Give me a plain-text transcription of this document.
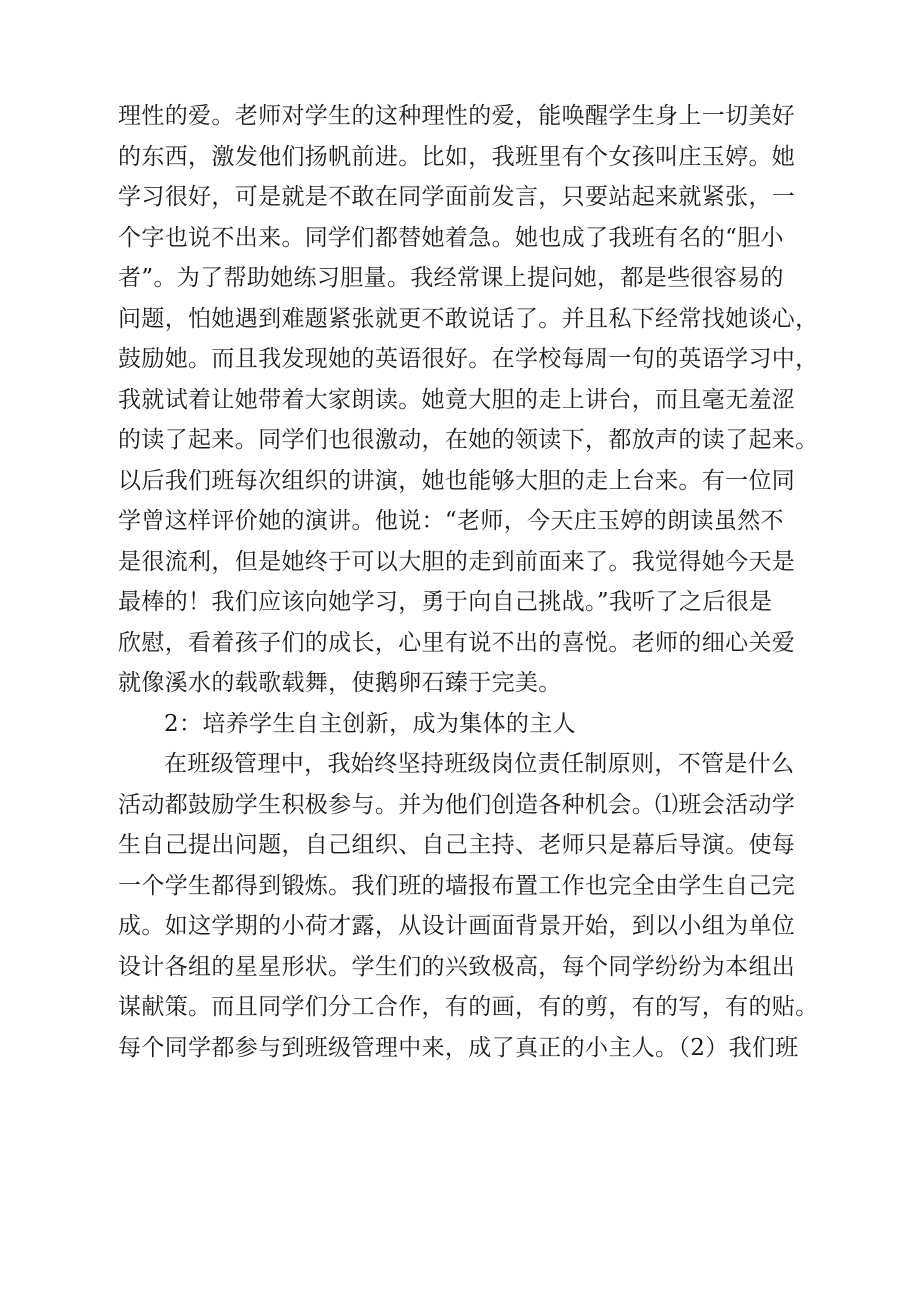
理性的爱。老师对学生的这种理性的爱，能唤醒学生身上一切美好
的东西，激发他们扬帆前进。比如，我班里有个女孩叫庄玉婷。她
学习很好，可是就是不敢在同学面前发言，只要站起来就紧张，一
个字也说不出来。同学们都替她着急。她也成了我班有名的“胆小
者”。为了帮助她练习胆量。我经常课上提问她，都是些很容易的
问题，怕她遇到难题紧张就更不敢说话了。并且私下经常找她谈心，
鼓励她。而且我发现她的英语很好。在学校每周一句的英语学习中，
我就试着让她带着大家朗读。她竟大胆的走上讲台，而且毫无羞涩
的读了起来。同学们也很激动，在她的领读下，都放声的读了起来。
以后我们班每次组织的讲演，她也能够大胆的走上台来。有一位同
学曾这样评价她的演讲。他说：“老师，今天庄玉婷的朗读虽然不
是很流利，但是她终于可以大胆的走到前面来了。我觉得她今天是
最棒的！我们应该向她学习，勇于向自己挑战。”我听了之后很是
欣慰，看着孩子们的成长，心里有说不出的喜悦。老师的细心关爱
就像溪水的载歌载舞，使鹅卵石臻于完美。
2：培养学生自主创新，成为集体的主人
在班级管理中，我始终坚持班级岗位责任制原则，不管是什么
活动都鼓励学生积极参与。并为他们创造各种机会。⑴班会活动学
生自己提出问题，自己组织、自己主持、老师只是幕后导演。使每
一个学生都得到锻炼。我们班的墙报布置工作也完全由学生自己完
成。如这学期的小荷才露，从设计画面背景开始，到以小组为单位
设计各组的星星形状。学生们的兴致极高，每个同学纷纷为本组出
谋献策。而且同学们分工合作，有的画，有的剪，有的写，有的贴。
每个同学都参与到班级管理中来，成了真正的小主人。（2）我们班
